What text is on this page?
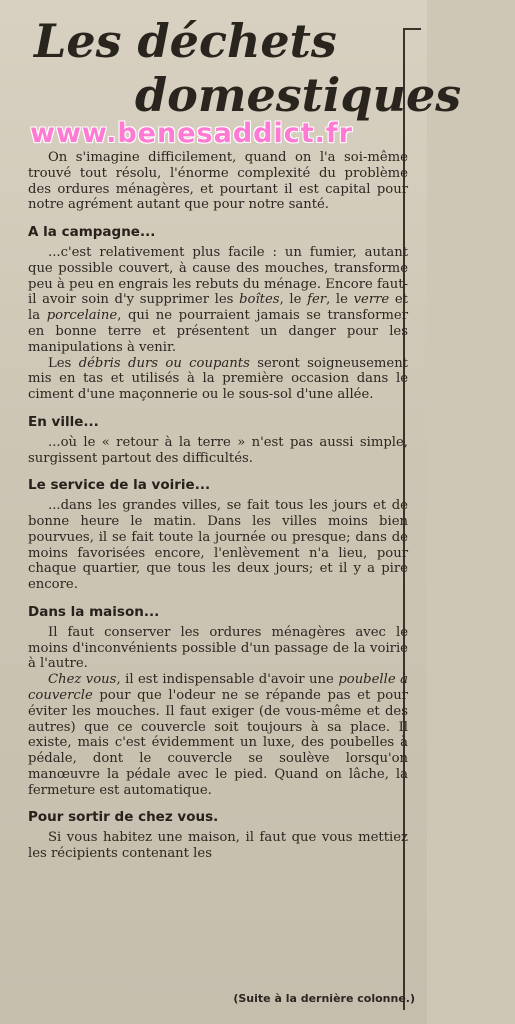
Les déchets
domestiques

www.benesaddict.fr

On s'imagine difficilement, quand on l'a soi-même trouvé tout résolu, l'énorme complexité du problème des ordures ménagères, et pourtant il est capital pour notre agrément autant que pour notre santé.

A la campagne...

...c'est relativement plus facile : un fumier, autant que possible couvert, à cause des mouches, transforme peu à peu en engrais les rebuts du ménage. Encore faut-il avoir soin d'y supprimer les boîtes, le fer, le verre et la porcelaine, qui ne pourraient jamais se transformer en bonne terre et présentent un danger pour les manipulations à venir.

Les débris durs ou coupants seront soigneusement mis en tas et utilisés à la première occasion dans le ciment d'une maçonnerie ou le sous-sol d'une allée.

En ville...

...où le « retour à la terre » n'est pas aussi simple, surgissent partout des difficultés.

Le service de la voirie...

...dans les grandes villes, se fait tous les jours et de bonne heure le matin. Dans les villes moins bien pourvues, il se fait toute la journée ou presque; dans de moins favorisées encore, l'enlèvement n'a lieu, pour chaque quartier, que tous les deux jours; et il y a pire encore.

Dans la maison...

Il faut conserver les ordures ménagères avec le moins d'inconvénients possible d'un passage de la voirie à l'autre.

Chez vous, il est indispensable d'avoir une poubelle à couvercle pour que l'odeur ne se répande pas et pour éviter les mouches. Il faut exiger (de vous-même et des autres) que ce couvercle soit toujours à sa place. Il existe, mais c'est évidemment un luxe, des poubelles à pédale, dont le couvercle se soulève lorsqu'on manœuvre la pédale avec le pied. Quand on lâche, la fermeture est automatique.

Pour sortir de chez vous.

Si vous habitez une maison, il faut que vous mettiez les récipients contenant les

(Suite à la dernière colonne.)
